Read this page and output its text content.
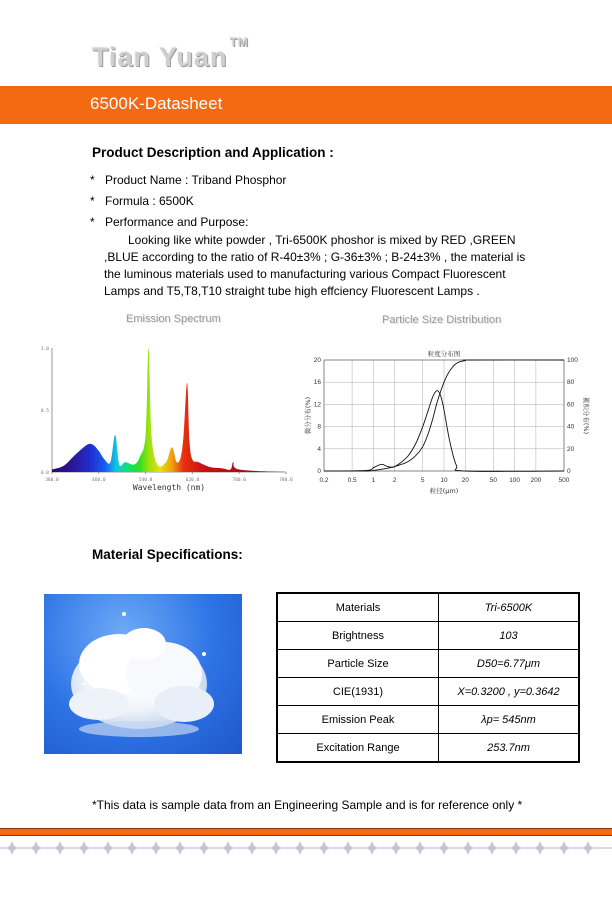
Tian Yuan ™
6500K-Datasheet
Product Description and Application :
* Product Name : Triband Phosphor
* Formula : 6500K
* Performance and Purpose:
Looking like white powder , Tri-6500K phoshor is mixed by RED ,GREEN ,BLUE according to the ratio of R-40±3% ; G-36±3% ; B-24±3% , the material is the luminous materials used to manufacturing various Compact Fluorescent Lamps and T5,T8,T10 straight tube high effciency Fluorescent Lamps .
Emission Spectrum	Particle Size Distribution
0.0
0.5
1.0
380.0	460.0	540.0	620.0	700.0	780.0
Wavelength (nm)
0.2	0.5 1	2	5 10 20	50 100 200	500
0
4
8
12
16
20
0
20
40
60
80
100
粒度分布图
粒径(μm)
微分分布(%)	累积分布(%)
Material Specifications:
Materials	Tri-6500K
Brightness	103
Particle Size	D50=6.77μm
CIE(1931)	X=0.3200 , y=0.3642
Emission Peak	λp= 545nm
Excitation Range	253.7nm
*This data is sample data from an Engineering Sample and is for reference only *
